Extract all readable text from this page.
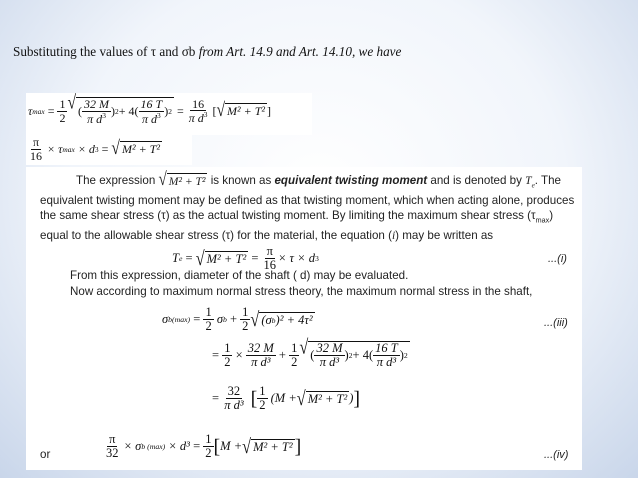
Substituting the values of τ and σb from Art. 14.9 and Art. 14.10, we have
τ $\max = \frac{1}{2}$ √ ( $\frac{32 M}{\pi d^3}$ ) 2 + 4 ( $\frac{16 T}{\pi d^3}$ ) $2 = \frac{16}{\pi d^3}$ [ √ M² + T² ]
$\frac{\pi}{16}$
× τ max
× d 3
=
√ M² + T²
The expression √ M² + T² is known as equivalent twisting moment and is denoted by $T_e$. The equivalent twisting moment may be defined as that twisting moment, which when acting alone, produces the same shear stress (τ) as the actual twisting moment. By limiting the maximum shear stress $(\tau_{max})$ equal to the allowable shear stress (τ) for the material, the equation (i) may be written as
T e = √ $M^2 + T^2 = \frac{\pi}{16} \times \tau \times d$ 3	...(i)
From this expression, diameter of the shaft ( d) may be evaluated.
Now according to maximum normal stress theory, the maximum normal stress in the shaft,
σ $b(\max) = \frac{1}{2}$
σ $b + \frac{1}{2}$ √ (σ b )² + 4τ²	...(iii)
= $\frac{1}{2}$
×
$\frac{32 M}{\text{π d³}} + \frac{1}{2}$ √ ( $\frac{32 M}{\text{π d³}}$ ) 2 + 4 ( $\frac{16 T}{\text{π d³}}$ ) 2
= $\frac{32}{\text{π d³}}$ [ $\frac{1}{2}$
(M + √ M² + T² ) ]
or	$\frac{\pi}{32}$
× σ b (max)
× $d^3 = \frac{1}{2}$ [ M + √ M² + T² ]	...(iv)
